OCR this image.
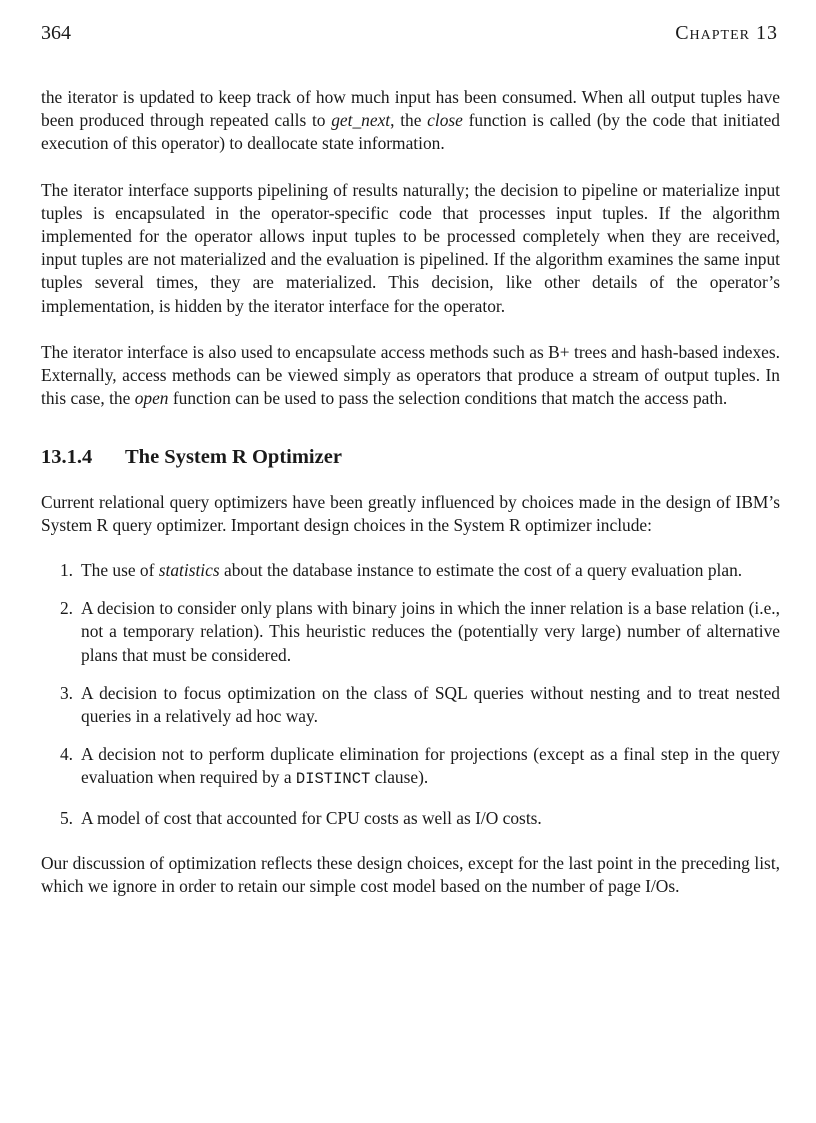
364	Chapter 13

the iterator is updated to keep track of how much input has been consumed. When all output tuples have been produced through repeated calls to get_next, the close function is called (by the code that initiated execution of this operator) to deallocate state information.

The iterator interface supports pipelining of results naturally; the decision to pipeline or materialize input tuples is encapsulated in the operator-specific code that processes input tuples. If the algorithm implemented for the operator allows input tuples to be processed completely when they are received, input tuples are not materialized and the evaluation is pipelined. If the algorithm examines the same input tuples several times, they are materialized. This decision, like other details of the operator’s implementation, is hidden by the iterator interface for the operator.

The iterator interface is also used to encapsulate access methods such as B+ trees and hash-based indexes. Externally, access methods can be viewed simply as operators that produce a stream of output tuples. In this case, the open function can be used to pass the selection conditions that match the access path.

13.1.4 The System R Optimizer

Current relational query optimizers have been greatly influenced by choices made in the design of IBM’s System R query optimizer. Important design choices in the System R optimizer include:

1. The use of statistics about the database instance to estimate the cost of a query evaluation plan.
2. A decision to consider only plans with binary joins in which the inner relation is a base relation (i.e., not a temporary relation). This heuristic reduces the (potentially very large) number of alternative plans that must be considered.
3. A decision to focus optimization on the class of SQL queries without nesting and to treat nested queries in a relatively ad hoc way.
4. A decision not to perform duplicate elimination for projections (except as a final step in the query evaluation when required by a DISTINCT clause).
5. A model of cost that accounted for CPU costs as well as I/O costs.

Our discussion of optimization reflects these design choices, except for the last point in the preceding list, which we ignore in order to retain our simple cost model based on the number of page I/Os.
